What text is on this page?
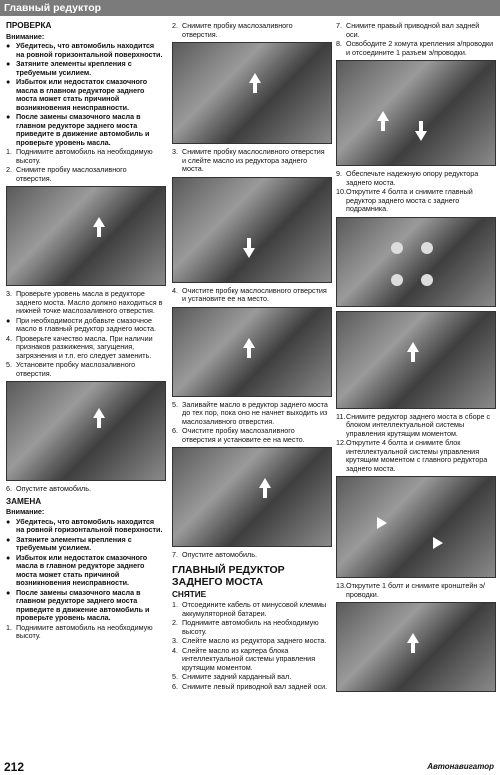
Главный редуктор
ПРОВЕРКА
Внимание:
● Убедитесь, что автомобиль находится на ровной горизонтальной поверхности.
● Затяните элементы крепления с требуемым усилием.
● Избыток или недостаток смазочного масла в главном редукторе заднего моста может стать причиной возникновения неисправности.
● После замены смазочного масла в главном редукторе заднего моста приведите в движение автомобиль и проверьте уровень масла.
1. Поднимите автомобиль на необходимую высоту.
2. Снимите пробку маслозаливного отверстия.
3. Проверьте уровень масла в редукторе заднего моста. Масло должно находиться в нижней точке маслозаливного отверстия.
● При необходимости добавьте смазочное масло в главный редуктор заднего моста.
4. Проверьте качество масла. При наличии признаков разжижения, загущения, загрязнения и т.п. его следует заменить.
5. Установите пробку маслозаливного отверстия.
6. Опустите автомобиль.
ЗАМЕНА
Внимание:
● Убедитесь, что автомобиль находится на ровной горизонтальной поверхности.
● Затяните элементы крепления с требуемым усилием.
● Избыток или недостаток смазочного масла в главном редукторе заднего моста может стать причиной возникновения неисправности.
● После замены смазочного масла в главном редукторе заднего моста приведите в движение автомобиль и проверьте уровень масла.
1. Поднимите автомобиль на необходимую высоту.
2. Снимите пробку маслозаливного отверстия.
3. Снимите пробку маслосливного отверстия и слейте масло из редуктора заднего моста.
4. Очистите пробку маслосливного отверстия и установите ее на место.
5. Заливайте масло в редуктор заднего моста до тех пор, пока оно не начнет выходить из маслозаливного отверстия.
6. Очистите пробку маслозаливного отверстия и установите ее на место.
7. Опустите автомобиль.
ГЛАВНЫЙ РЕДУКТОР ЗАДНЕГО МОСТА
СНЯТИЕ
1. Отсоедините кабель от минусовой клеммы аккумуляторной батареи.
2. Поднимите автомобиль на необходимую высоту.
3. Слейте масло из редуктора заднего моста.
4. Слейте масло из картера блока интеллектуальной системы управления крутящим моментом.
5. Снимите задний карданный вал.
6. Снимите левый приводной вал задней оси.
7. Снимите правый приводной вал задней оси.
8. Освободите 2 хомута крепления э/проводки и отсоедините 1 разъем э/проводки.
9. Обеспечьте надежную опору редуктора заднего моста.
10. Открутите 4 болта и снимите главный редуктор заднего моста с заднего подрамника.
11. Снимите редуктор заднего моста в сборе с блоком интеллектуальной системы управления крутящим моментом.
12. Открутите 4 болта и снимите блок интеллектуальной системы управления крутящим моментом с главного редуктора заднего моста.
13. Открутите 1 болт и снимите кронштейн э/проводки.
212	Автонавигатор
